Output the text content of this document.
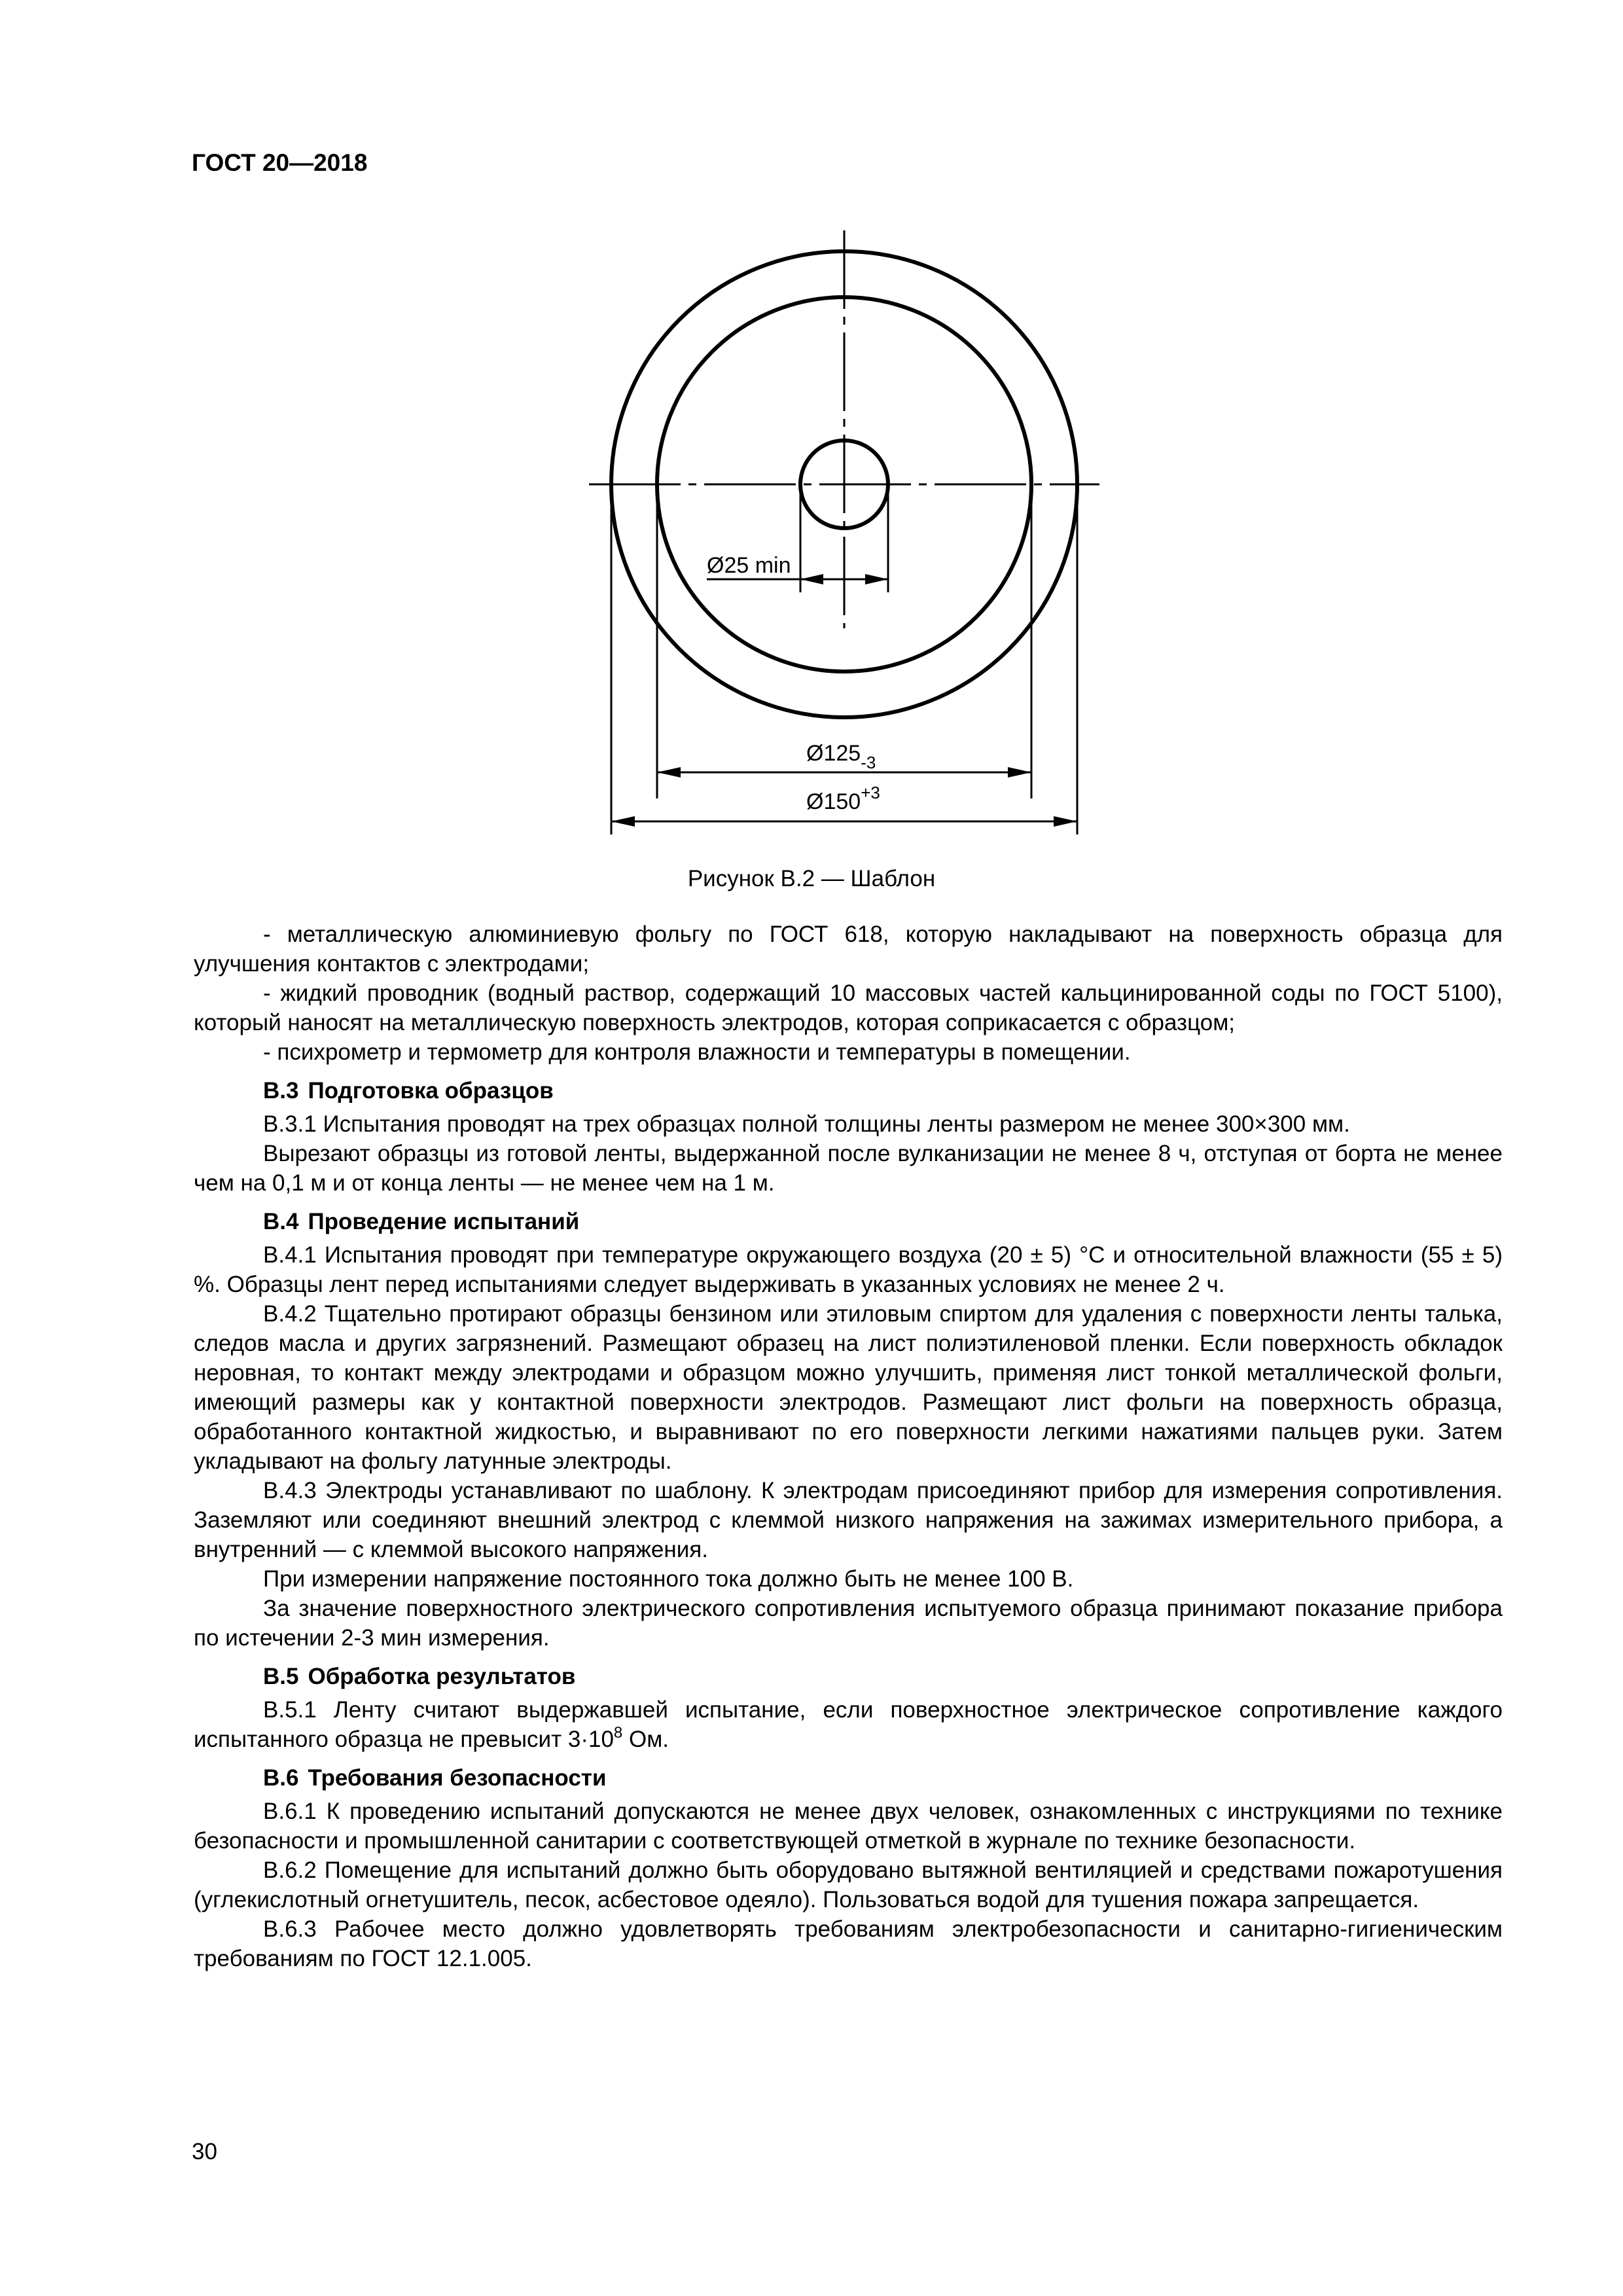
ГОСТ 20—2018
Ø25 min
$Ø125_{-3}$
$Ø150^{+3}$
Рисунок В.2 — Шаблон

- металлическую алюминиевую фольгу по ГОСТ 618, которую накладывают на поверхность образца для улучшения контактов с электродами;

- жидкий проводник (водный раствор, содержащий 10 массовых частей кальцинированной соды по ГОСТ 5100), который наносят на металлическую поверхность электродов, которая соприкасается с образцом;

- психрометр и термометр для контроля влажности и температуры в помещении.

В.3 Подготовка образцов

В.3.1 Испытания проводят на трех образцах полной толщины ленты размером не менее 300×300 мм.

Вырезают образцы из готовой ленты, выдержанной после вулканизации не менее 8 ч, отступая от борта не менее чем на 0,1 м и от конца ленты — не менее чем на 1 м.

В.4 Проведение испытаний

В.4.1 Испытания проводят при температуре окружающего воздуха (20 ± 5) °С и относительной влажности (55 ± 5) %. Образцы лент перед испытаниями следует выдерживать в указанных условиях не менее 2 ч.

В.4.2 Тщательно протирают образцы бензином или этиловым спиртом для удаления с поверхности ленты талька, следов масла и других загрязнений. Размещают образец на лист полиэтиленовой пленки. Если поверхность обкладок неровная, то контакт между электродами и образцом можно улучшить, применяя лист тонкой металлической фольги, имеющий размеры как у контактной поверхности электродов. Размещают лист фольги на поверхность образца, обработанного контактной жидкостью, и выравнивают по его поверхности легкими нажатиями пальцев руки. Затем укладывают на фольгу латунные электроды.

В.4.3 Электроды устанавливают по шаблону. К электродам присоединяют прибор для измерения сопротивления. Заземляют или соединяют внешний электрод с клеммой низкого напряжения на зажимах измерительного прибора, а внутренний — с клеммой высокого напряжения.

При измерении напряжение постоянного тока должно быть не менее 100 В.

За значение поверхностного электрического сопротивления испытуемого образца принимают показание прибора по истечении 2-3 мин измерения.

В.5 Обработка результатов

В.5.1 Ленту считают выдержавшей испытание, если поверхностное электрическое сопротивление каждого испытанного образца не превысит $3\cdot 10^8$ Ом.

В.6 Требования безопасности

В.6.1 К проведению испытаний допускаются не менее двух человек, ознакомленных с инструкциями по технике безопасности и промышленной санитарии с соответствующей отметкой в журнале по технике безопасности.

В.6.2 Помещение для испытаний должно быть оборудовано вытяжной вентиляцией и средствами пожаротушения (углекислотный огнетушитель, песок, асбестовое одеяло). Пользоваться водой для тушения пожара запрещается.

В.6.3 Рабочее место должно удовлетворять требованиям электробезопасности и санитарно-гигиеническим требованиям по ГОСТ 12.1.005.

30
